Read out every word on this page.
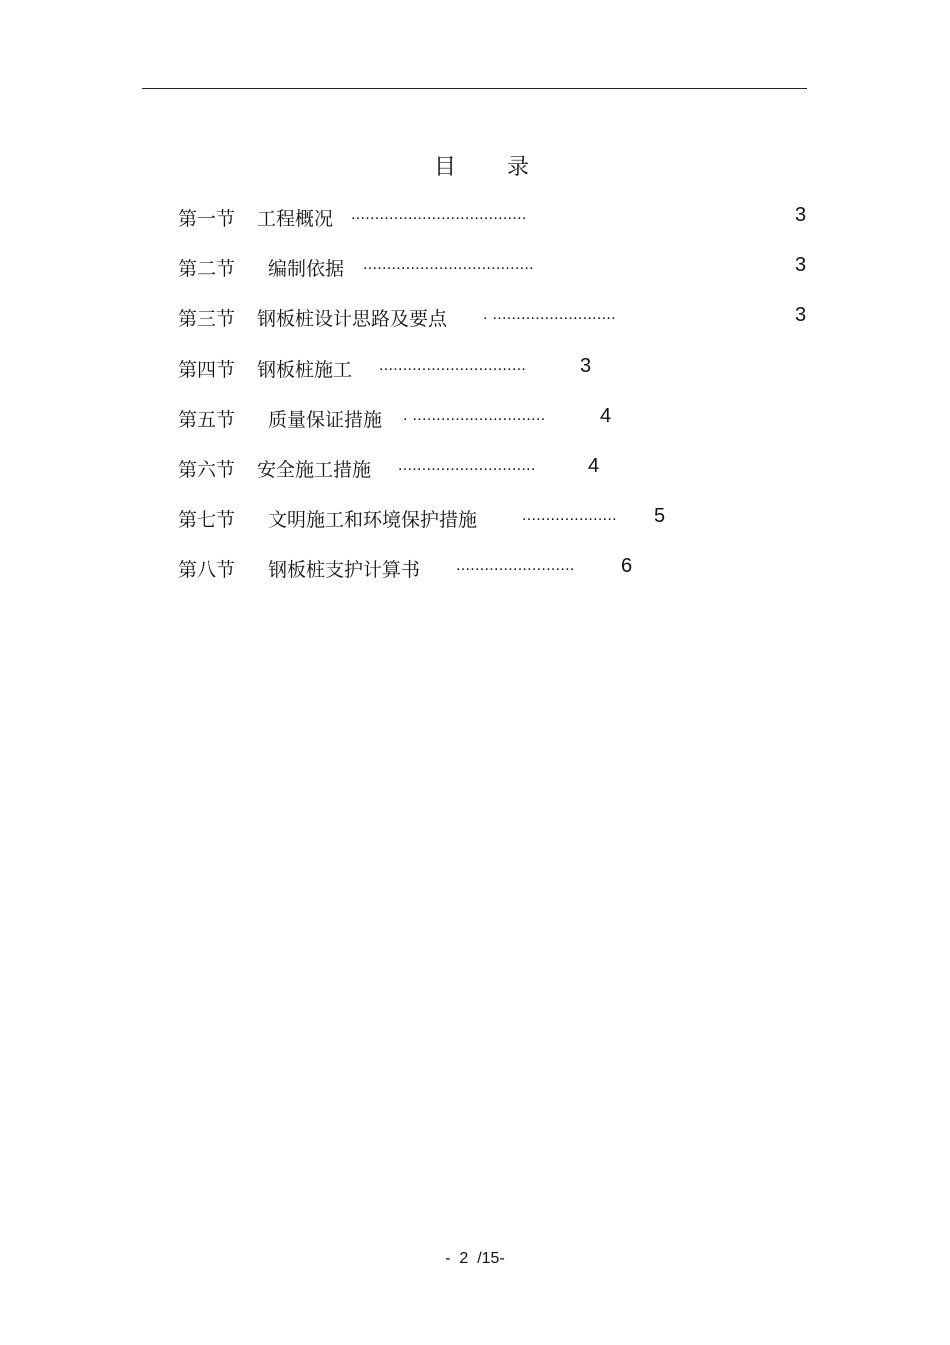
目 录
第一节 工程概况 .....................................	3
第二节 编制依据 ....................................	3
第三节 钢板桩设计思路及要点 . ..........................	3
第四节 钢板桩施工 ...............................	3
第五节 质量保证措施 . ............................	4
第六节 安全施工措施 .............................	4
第七节 文明施工和环境保护措施	.................... 5
第八节 钢板桩支护计算书 ......................... 6
-  2  /15-
